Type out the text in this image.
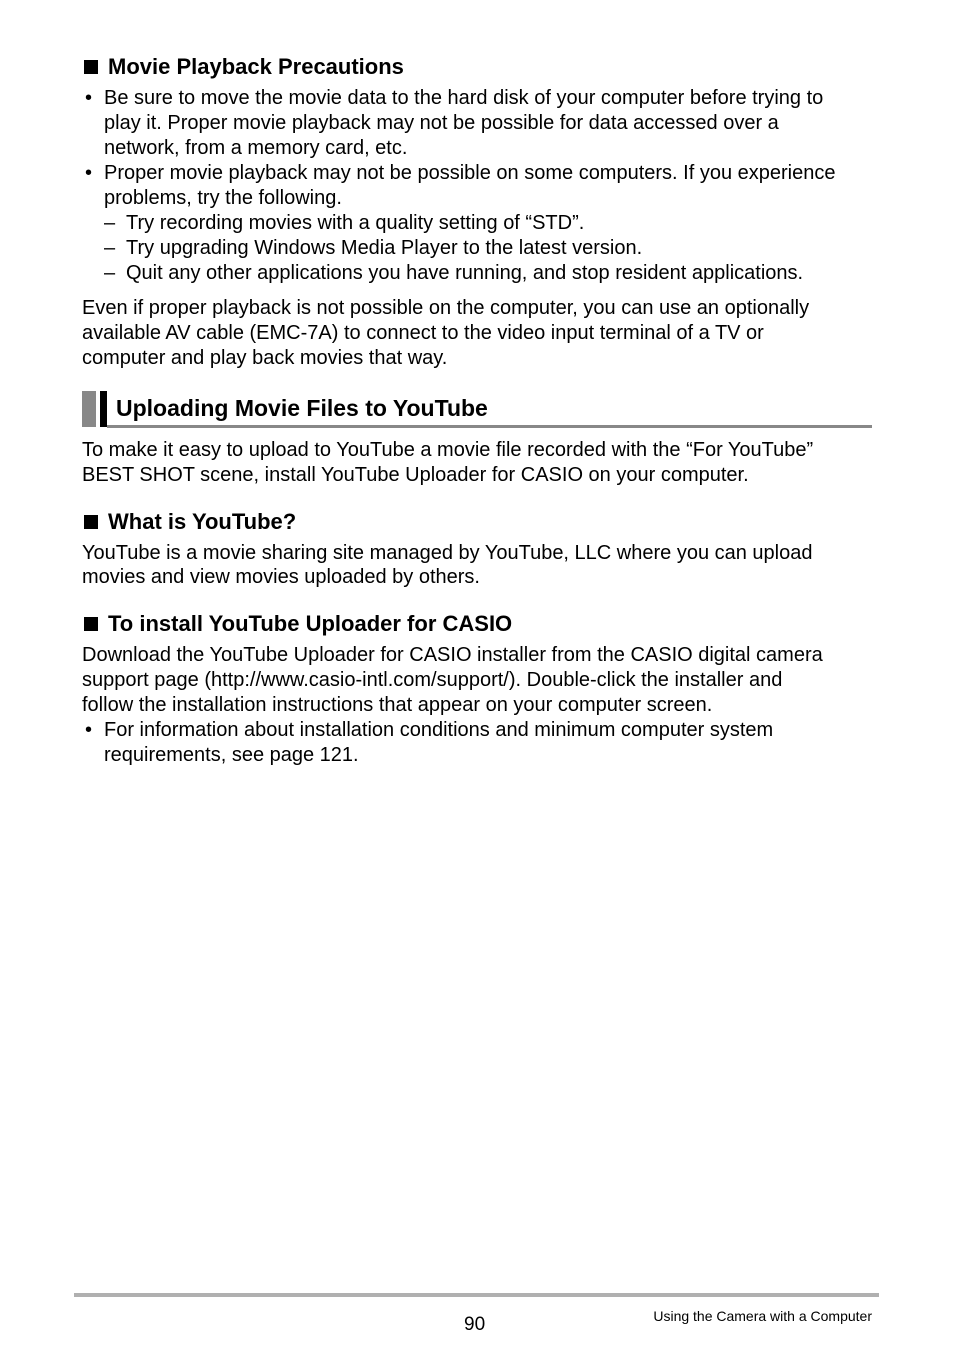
Movie Playback Precautions
• Be sure to move the movie data to the hard disk of your computer before trying to
play it. Proper movie playback may not be possible for data accessed over a
network, from a memory card, etc.
• Proper movie playback may not be possible on some computers. If you experience
problems, try the following.
– Try recording movies with a quality setting of “STD”.
– Try upgrading Windows Media Player to the latest version.
– Quit any other applications you have running, and stop resident applications.
Even if proper playback is not possible on the computer, you can use an optionally
available AV cable (EMC-7A) to connect to the video input terminal of a TV or
computer and play back movies that way.
Uploading Movie Files to YouTube
To make it easy to upload to YouTube a movie file recorded with the “For YouTube”
BEST SHOT scene, install YouTube Uploader for CASIO on your computer.
What is YouTube?
YouTube is a movie sharing site managed by YouTube, LLC where you can upload
movies and view movies uploaded by others.
To install YouTube Uploader for CASIO
Download the YouTube Uploader for CASIO installer from the CASIO digital camera
support page (http://www.casio-intl.com/support/). Double-click the installer and
follow the installation instructions that appear on your computer screen.
• For information about installation conditions and minimum computer system
requirements, see page 121.
90	Using the Camera with a Computer
